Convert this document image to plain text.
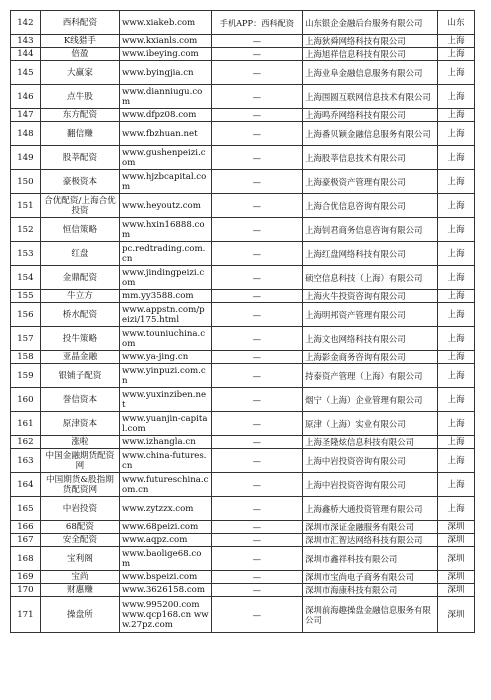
142	西科配资	www.xiakeb.com	手机APP：西科配资	山东银企金融后台服务有限公司	山东
143	K线猎手	www.kxianls.com	—	上海狄舜网络科技有限公司	上海
144	倍盈	www.ibeying.com	—	上海旭祥信息科技有限公司	上海
145	大赢家	www.byingjia.cn	—	上海业阜金融信息服务有限公司	上海
146	点牛股	www.dianniugu.com	—	上海围圆互联网信息技术有限公司	上海
147	东方配资	www.dfpz08.com	—	上海鸣乔网络科技有限公司	上海
148	翻信赚	www.fbzhuan.net	—	上海番贝颖金融信息服务有限公司	上海
149	股莘配资	www.gushenpeizi.com	—	上海股莘信息技术有限公司	上海
150	豪极资本	www.hjzbcapital.com	—	上海豪极资产管理有限公司	上海
151	合优配资/上海合优投资	www.heyoutz.com	—	上海合优信息咨询有限公司	上海
152	恒信策略	www.hxin16888.com	—	上海钊君商务信息咨询有限公司	上海
153	红盘	pc.redtrading.com.cn	—	上海红盘网络科技有限公司	上海
154	金鼎配资	www.jindingpeizi.com	—	硕空信息科技（上海）有限公司	上海
155	牛立方	mm.yy3588.com	—	上海火牛投资咨询有限公司	上海
156	桥水配资	www.appstn.com/peizi/175.html	—	上海明邦资产管理有限公司	上海
157	投牛策略	www.touniuchina.com	—	上海文也网络科技有限公司	上海
158	亚晶金融	www.ya-jing.cn	—	上海影金商务咨询有限公司	上海
159	银铺子配资	www.yinpuzi.com.cn	—	持泰资产管理（上海）有限公司	上海
160	誉信资本	www.yuxinziben.net	—	烟宁（上海）企业管理有限公司	上海
161	原津资本	www.yuanjin-capital.com	—	原津（上海）实业有限公司	上海
162	涨啦	www.izhangla.cn	—	上海圣隆炫信息科技有限公司	上海
163	中国金融期货配资网	www.china-futures.cn	—	上海中岩投资咨询有限公司	上海
164	中国期货&股指期货配资网	www.futureschina.com.cn	—	上海中岩投资咨询有限公司	上海
165	中岩投资	www.zytzzx.com	—	上海鑫桥大通投资管理有限公司	上海
166	68配资	www.68peizi.com	—	深圳市深证金融服务有限公司	深圳
167	安全配资	www.aqpz.com	—	深圳市汇智达网络科技有限公司	深圳
168	宝利阁	www.baolige68.com	—	深圳市鑫祥科技有限公司	深圳
169	宝尚	www.bspeizi.com	—	深圳市宝尚电子商务有限公司	深圳
170	财惠赚	www.3626158.com	—	深圳市海康科技有限公司	深圳
171	操盘所	www.995200.com www.qcp168.cn www.27pz.com	—	深圳前海趣操盘金融信息服务有限公司	深圳
